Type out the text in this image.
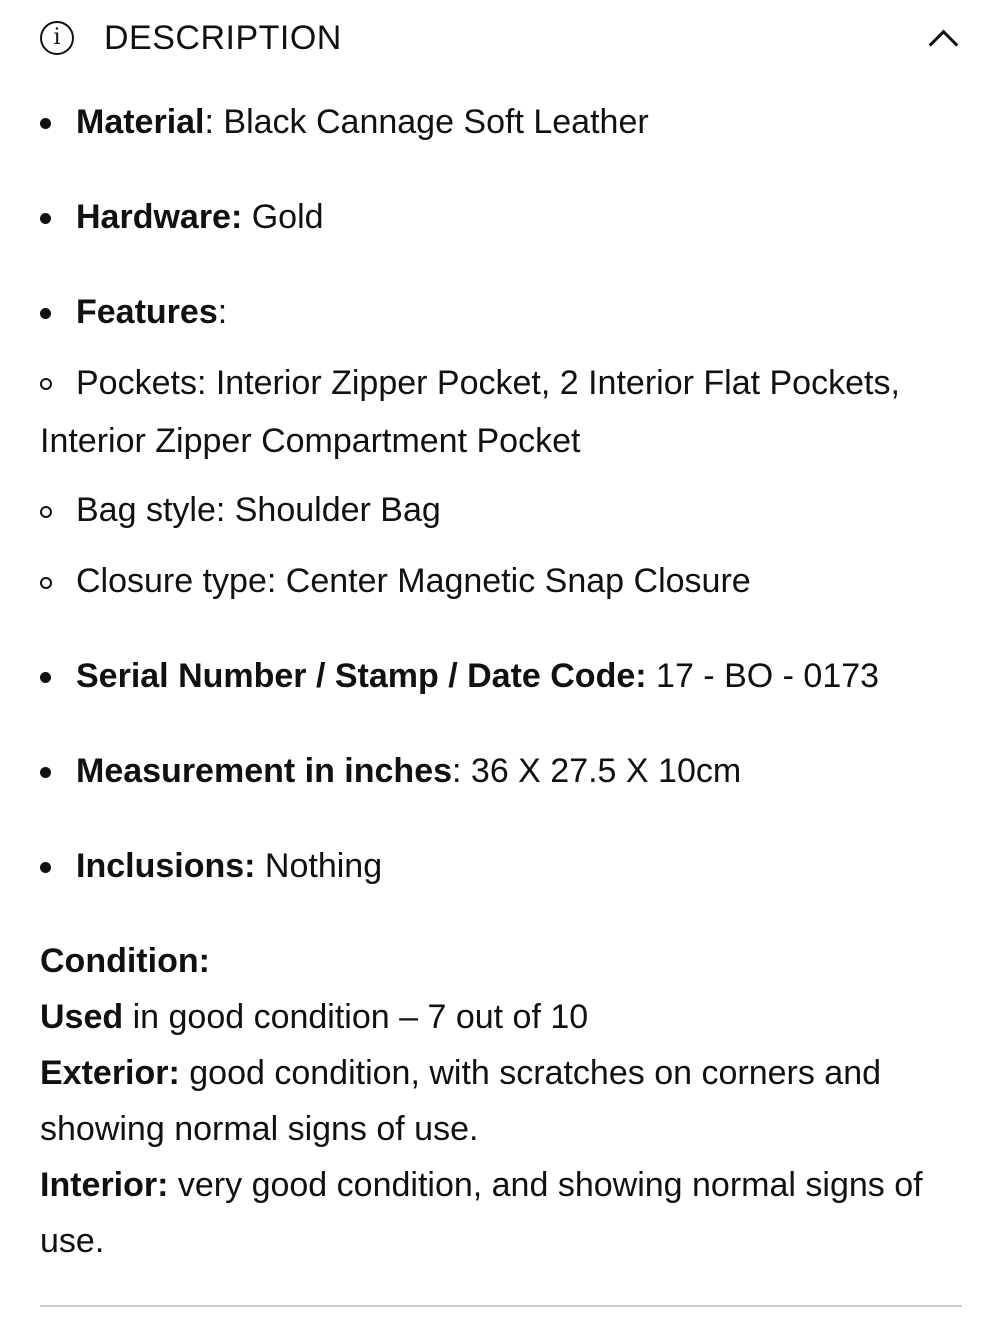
i DESCRIPTION
Material: Black Cannage Soft Leather
Hardware: Gold
Features:
Pockets: Interior Zipper Pocket, 2 Interior Flat Pockets,
Interior Zipper Compartment Pocket
Bag style: Shoulder Bag
Closure type: Center Magnetic Snap Closure
Serial Number / Stamp / Date Code: 17 - BO - 0173
Measurement in inches: 36 X 27.5 X 10cm
Inclusions: Nothing
Condition:
Used in good condition – 7 out of 10
Exterior: good condition, with scratches on corners and
showing normal signs of use.
Interior: very good condition, and showing normal signs of
use.
